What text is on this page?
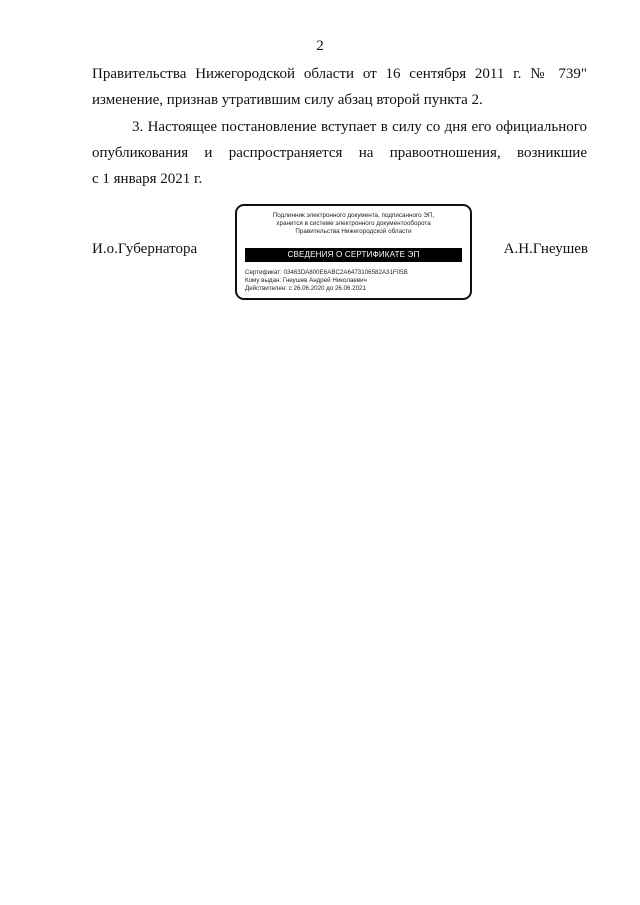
2
Правительства Нижегородской области от 16 сентября 2011 г. № 739"
изменение, признав утратившим силу абзац второй пункта 2.
3. Настоящее постановление вступает в силу со дня его официального
опубликования и распространяется на правоотношения, возникшие
с 1 января 2021 г.
И.о.Губернатора	А.Н.Гнеушев
Подлинник электронного документа, подписанного ЭП,
хранится в системе электронного документооборота
Правительства Нижегородской области
СВЕДЕНИЯ О СЕРТИФИКАТЕ ЭП
Сертификат: 03463DA800E6ABC2A6473106582A31F05B
Кому выдан: Гнеушев Андрей Николаевич
Действителен: с 26.06.2020 до 26.06.2021
